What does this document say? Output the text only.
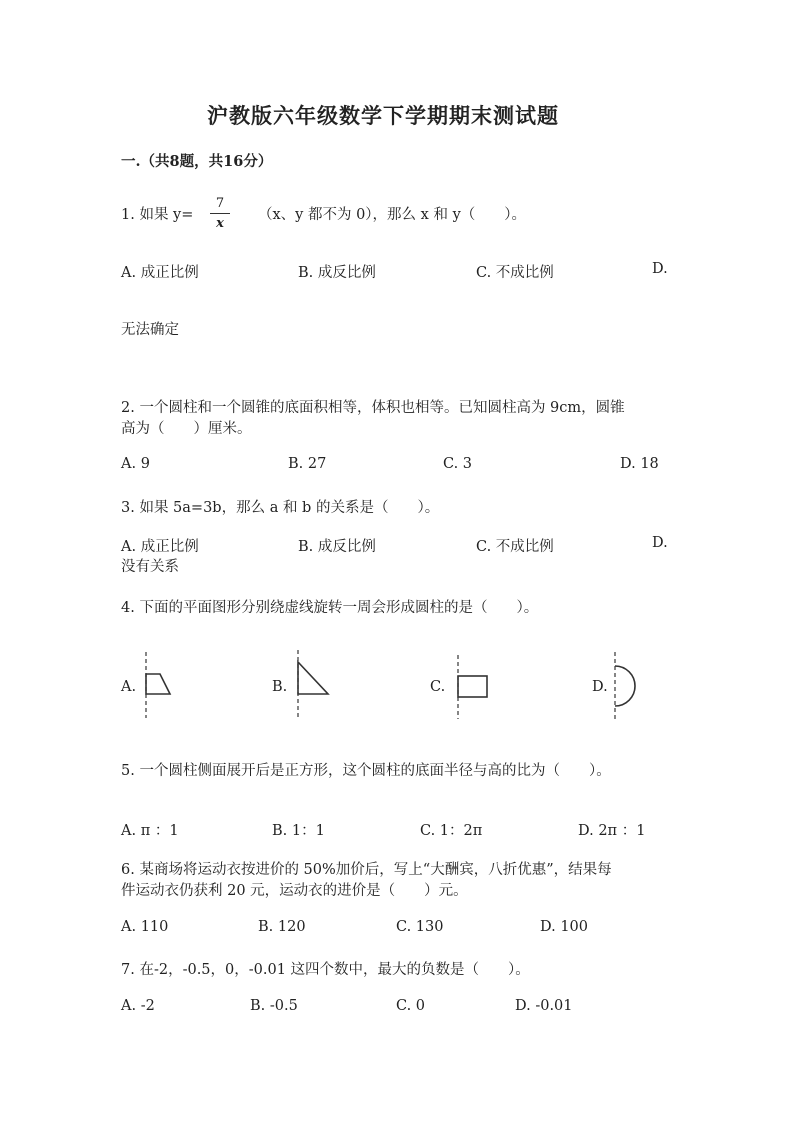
沪教版六年级数学下学期期末测试题
一.（共8题，共16分）
1. 如果 y=
7
x
（x、y 都不为 0），那么 x 和 y（　　）。
A. 成正比例	B. 成反比例	C. 不成比例	D.
无法确定
2. 一个圆柱和一个圆锥的底面积相等，体积也相等。已知圆柱高为 9cm，圆锥
高为（　　）厘米。
A. 9	B. 27	C. 3	D. 18
3. 如果 5a=3b，那么 a 和 b 的关系是（　　）。
A. 成正比例	B. 成反比例	C. 不成比例	D.
没有关系
4. 下面的平面图形分别绕虚线旋转一周会形成圆柱的是（　　）。
A.	B.	C.	D.
5. 一个圆柱侧面展开后是正方形，这个圆柱的底面半径与高的比为（　　）。
A. π ：1	B. 1：1	C. 1：2π	D. 2π ：1
6. 某商场将运动衣按进价的 50%加价后，写上“大酬宾，八折优惠”，结果每
件运动衣仍获利 20 元，运动衣的进价是（　　）元。
A. 110	B. 120	C. 130	D. 100
7. 在-2，-0.5，0，-0.01 这四个数中，最大的负数是（　　）。
A. -2	B. -0.5	C. 0	D. -0.01
